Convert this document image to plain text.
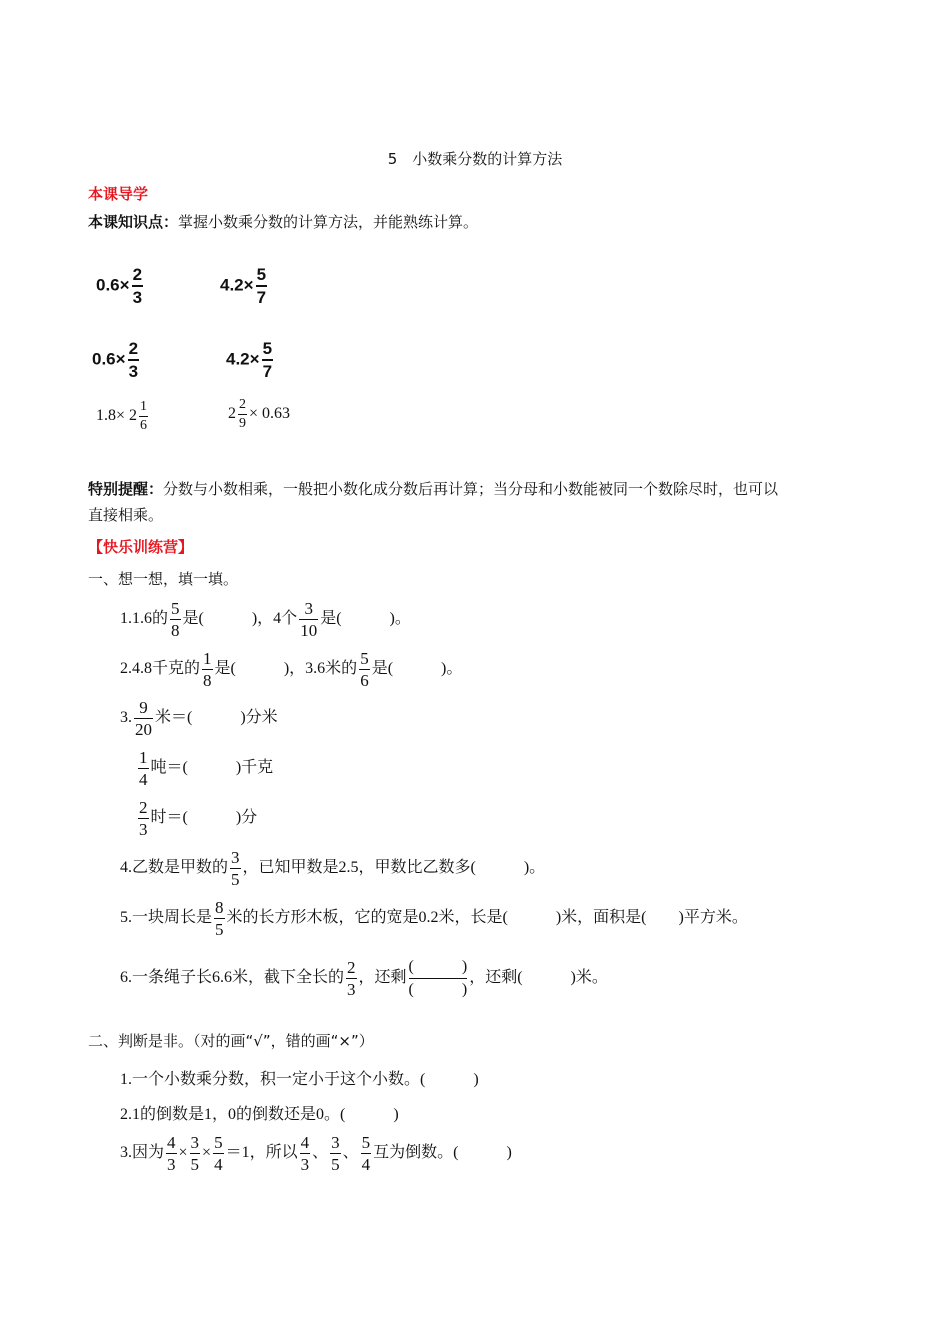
5　小数乘分数的计算方法
本课导学
本课知识点：掌握小数乘分数的计算方法，并能熟练计算。
$0.6\times \frac{2}{3}$	$4.2\times \frac{5}{7}$
$0.6\times \frac{2}{3}$	$4.2\times \frac{5}{7}$
$1.8\times 2 \frac{1}{6}$	$2 \frac{2}{9} \times 0.63$
特别提醒：分数与小数相乘，一般把小数化成分数后再计算；当分母和小数能被同一个数除尽时，也可以
直接相乘。
【快乐训练营】
一、想一想，填一填。
1.1.6的 $\frac{5}{8}$ 是(　　　)，4个 $\frac{3}{10}$ 是(　　　)。
2.4.8千克的 $\frac{1}{8}$ 是(　　　)，3.6米的 $\frac{5}{6}$ 是(　　　)。
3. $\frac{9}{20}$ 米＝(　　　)分米
$\frac{1}{4}$ 吨＝(　　　)千克
$\frac{2}{3}$ 时＝(　　　)分
4.乙数是甲数的 $\frac{3}{5}$ ，已知甲数是2.5，甲数比乙数多(　　　)。
5.一块周长是 $\frac{8}{5}$ 米的长方形木板，它的宽是0.2米，长是(　　　)米，面积是(　　)平方米。
6.一条绳子长6.6米，截下全长的 $\frac{2}{3}$ ，还剩
(　　　)
(　　　)
，还剩(　　　)米。
二、判断是非。（对的画“√”，错的画“×”）
1.一个小数乘分数，积一定小于这个小数。(　　　)
2.1的倒数是1，0的倒数还是0。(　　　)
3.因为 $\frac{4}{3} \times \frac{3}{5} \times \frac{5}{4} =1$，所以 $\frac{4}{3}$ 、 $\frac{3}{5}$ 、 $\frac{5}{4}$ 互为倒数。(　　　)
